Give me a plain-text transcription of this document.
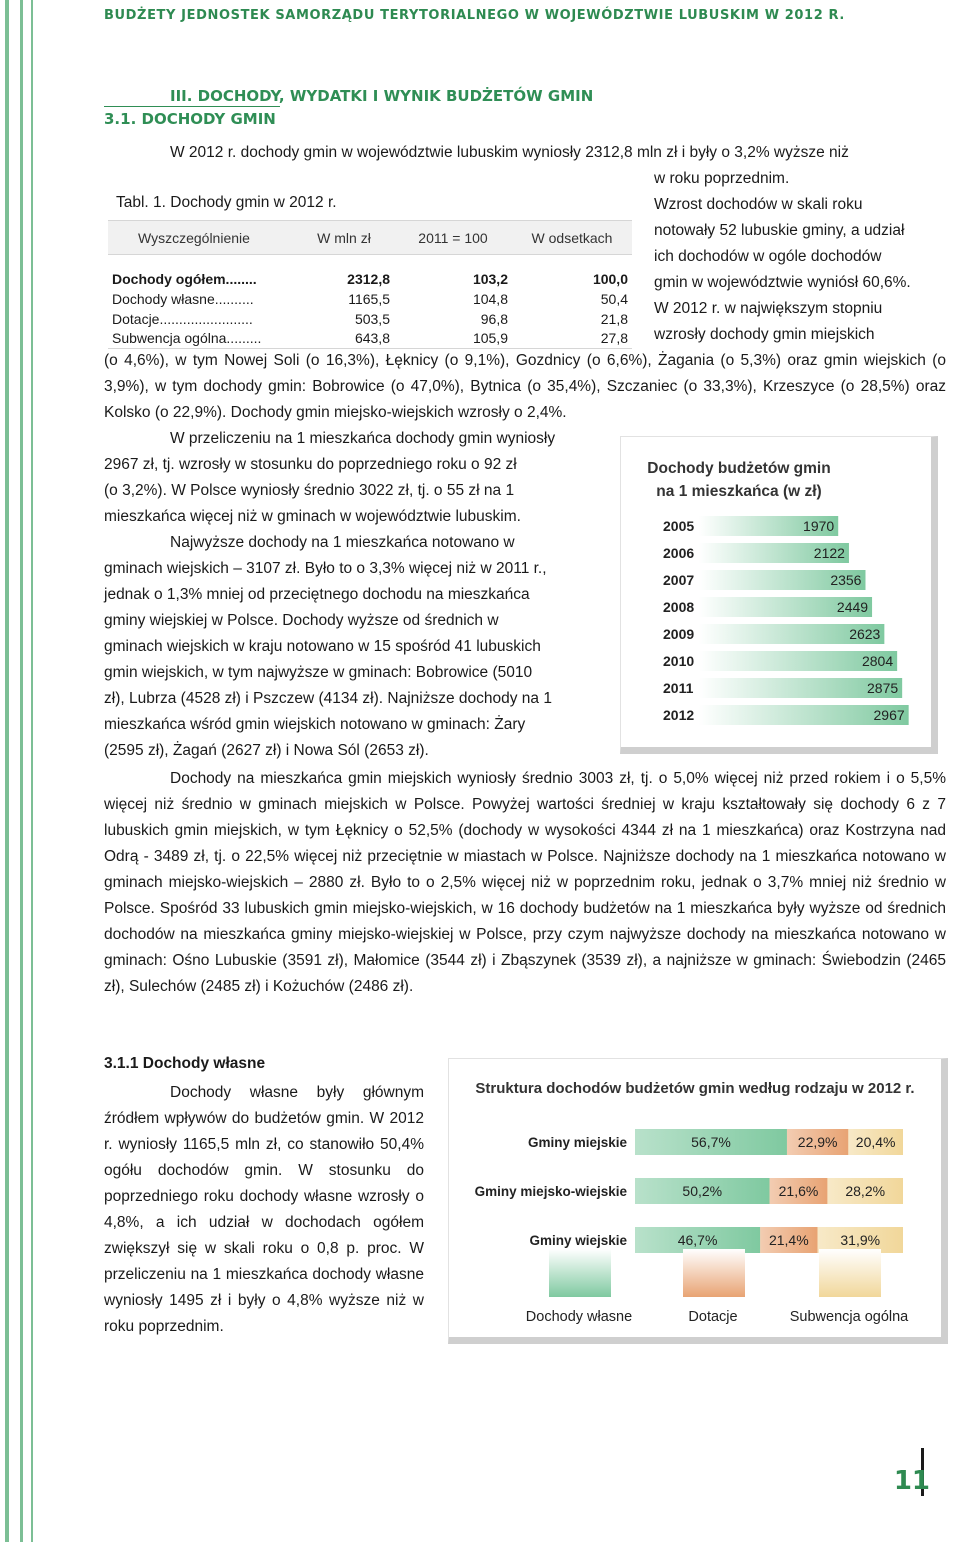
BUDŻETY JEDNOSTEK SAMORZĄDU TERYTORIALNEGO W WOJEWÓDZTWIE LUBUSKIM W 2012 R.
III. DOCHODY, WYDATKI I WYNIK BUDŻETÓW GMIN
3.1. DOCHODY GMIN
W 2012 r. dochody gmin w województwie lubuskim wyniosły 2312,8 mln zł i były o 3,2% wyższe niż
w roku poprzednim.
Tabl. 1. Dochody gmin w 2012 r.
Wyszczególnienie	W mln zł	2011 = 100	W odsetkach

Dochody ogółem........	2312,8	103,2	100,0
Dochody własne..........	1165,5	104,8	50,4
Dotacje........................	503,5	96,8	21,8
Subwencja ogólna.........	643,8	105,9	27,8
Wzrost dochodów w skali roku
notowały 52 lubuskie gminy, a udział
ich dochodów w ogóle dochodów
gmin w województwie wyniósł 60,6%.
W 2012 r. w największym stopniu
wzrosły dochody gmin miejskich
(o 4,6%), w tym Nowej Soli (o 16,3%), Łęknicy (o 9,1%), Gozdnicy (o 6,6%), Żagania (o 5,3%) oraz gmin wiejskich (o 3,9%), w tym dochody gmin: Bobrowice (o 47,0%), Bytnica (o 35,4%), Szczaniec (o 33,3%), Krzeszyce (o 28,5%) oraz Kolsko (o 22,9%). Dochody gmin miejsko-wiejskich wzrosły o 2,4%.
W przeliczeniu na 1 mieszkańca dochody gmin wyniosły
2967 zł, tj. wzrosły w stosunku do poprzedniego roku o 92 zł
(o 3,2%). W Polsce wyniosły średnio 3022 zł, tj. o 55 zł na 1
mieszkańca więcej niż w gminach w województwie lubuskim.
Najwyższe dochody na 1 mieszkańca notowano w
gminach wiejskich – 3107 zł. Było to o 3,3% więcej niż w 2011 r.,
jednak o 1,3% mniej od przeciętnego dochodu na mieszkańca
gminy wiejskiej w Polsce. Dochody wyższe od średnich w
gminach wiejskich w kraju notowano w 15 spośród 41 lubuskich
gmin wiejskich, w tym najwyższe w gminach: Bobrowice (5010
zł), Lubrza (4528 zł) i Pszczew (4134 zł). Najniższe dochody na 1
mieszkańca wśród gmin wiejskich notowano w gminach: Żary
(2595 zł), Żagań (2627 zł) i Nowa Sól (2653 zł).
Dochody budżetów gmin
na 1 mieszkańca (w zł)
2005	1970
2006	2122
2007	2356
2008	2449
2009	2623
2010	2804
2011	2875
2012	2967
Dochody na mieszkańca gmin miejskich wyniosły średnio 3003 zł, tj. o 5,0% więcej niż przed rokiem i o 5,5% więcej niż średnio w gminach miejskich w Polsce. Powyżej wartości średniej w kraju kształtowały się dochody 6 z 7 lubuskich gmin miejskich, w tym Łęknicy o 52,5% (dochody w wysokości 4344 zł na 1 mieszkańca) oraz Kostrzyna nad Odrą - 3489 zł, tj. o 22,5% więcej niż przeciętnie w miastach w Polsce. Najniższe dochody na 1 mieszkańca notowano w gminach miejsko-wiejskich – 2880 zł. Było to o 2,5% więcej niż w poprzednim roku, jednak o 3,7% mniej niż średnio w Polsce. Spośród 33 lubuskich gmin miejsko-wiejskich, w 16 dochody budżetów na 1 mieszkańca były wyższe od średnich dochodów na mieszkańca gminy miejsko-wiejskiej w Polsce, przy czym najwyższe dochody na mieszkańca notowano w gminach: Ośno Lubuskie (3591 zł), Małomice (3544 zł) i Zbąszynek (3539 zł), a najniższe w gminach: Świebodzin (2465 zł), Sulechów (2485 zł) i Kożuchów (2486 zł).
3.1.1 Dochody własne
Dochody własne były głównym źródłem wpływów do budżetów gmin. W 2012 r. wyniosły 1165,5 mln zł, co stanowiło 50,4% ogółu dochodów gmin. W stosunku do poprzedniego roku dochody własne wzrosły o 4,8%, a ich udział w dochodach ogółem zwiększył się w skali roku o 0,8 p. proc. W przeliczeniu na 1 mieszkańca dochody własne wyniosły 1495 zł i były o 4,8% wyższe niż w roku poprzednim.
Struktura dochodów budżetów gmin według rodzaju w 2012 r.
Gminy miejskie	56,7%	22,9% 20,4%
Gminy miejsko-wiejskie	50,2%	21,6% 28,2%
Gminy wiejskie	46,7%	21,4% 31,9%
Dochody własne	Dotacje	Subwencja ogólna
11
